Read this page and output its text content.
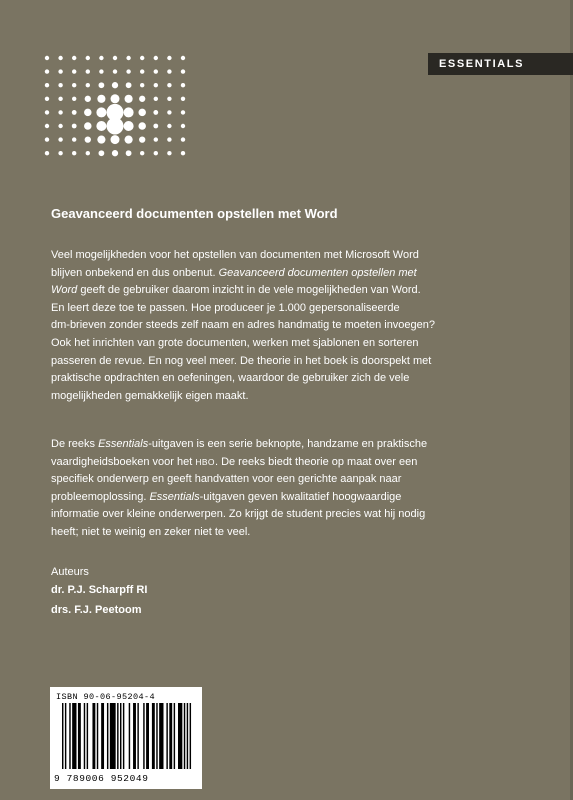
ESSENTIALS
Geavanceerd documenten opstellen met Word

Veel mogelijkheden voor het opstellen van documenten met Microsoft Word
blijven onbekend en dus onbenut. Geavanceerd documenten opstellen met
Word geeft de gebruiker daarom inzicht in de vele mogelijkheden van Word.
En leert deze toe te passen. Hoe produceer je 1.000 gepersonaliseerde
dm-brieven zonder steeds zelf naam en adres handmatig te moeten invoegen?
Ook het inrichten van grote documenten, werken met sjablonen en sorteren
passeren de revue. En nog veel meer. De theorie in het boek is doorspekt met
praktische opdrachten en oefeningen, waardoor de gebruiker zich de vele
mogelijkheden gemakkelijk eigen maakt.

De reeks Essentials-uitgaven is een serie beknopte, handzame en praktische
vaardigheidsboeken voor het HBO. De reeks biedt theorie op maat over een
specifiek onderwerp en geeft handvatten voor een gerichte aanpak naar
probleemoplossing. Essentials-uitgaven geven kwalitatief hoogwaardige
informatie over kleine onderwerpen. Zo krijgt de student precies wat hij nodig
heeft; niet te weinig en zeker niet te veel.

Auteurs

dr. P.J. Scharpff RI

drs. F.J. Peetoom

ISBN 90-06-95204-4

9 789006 952049
